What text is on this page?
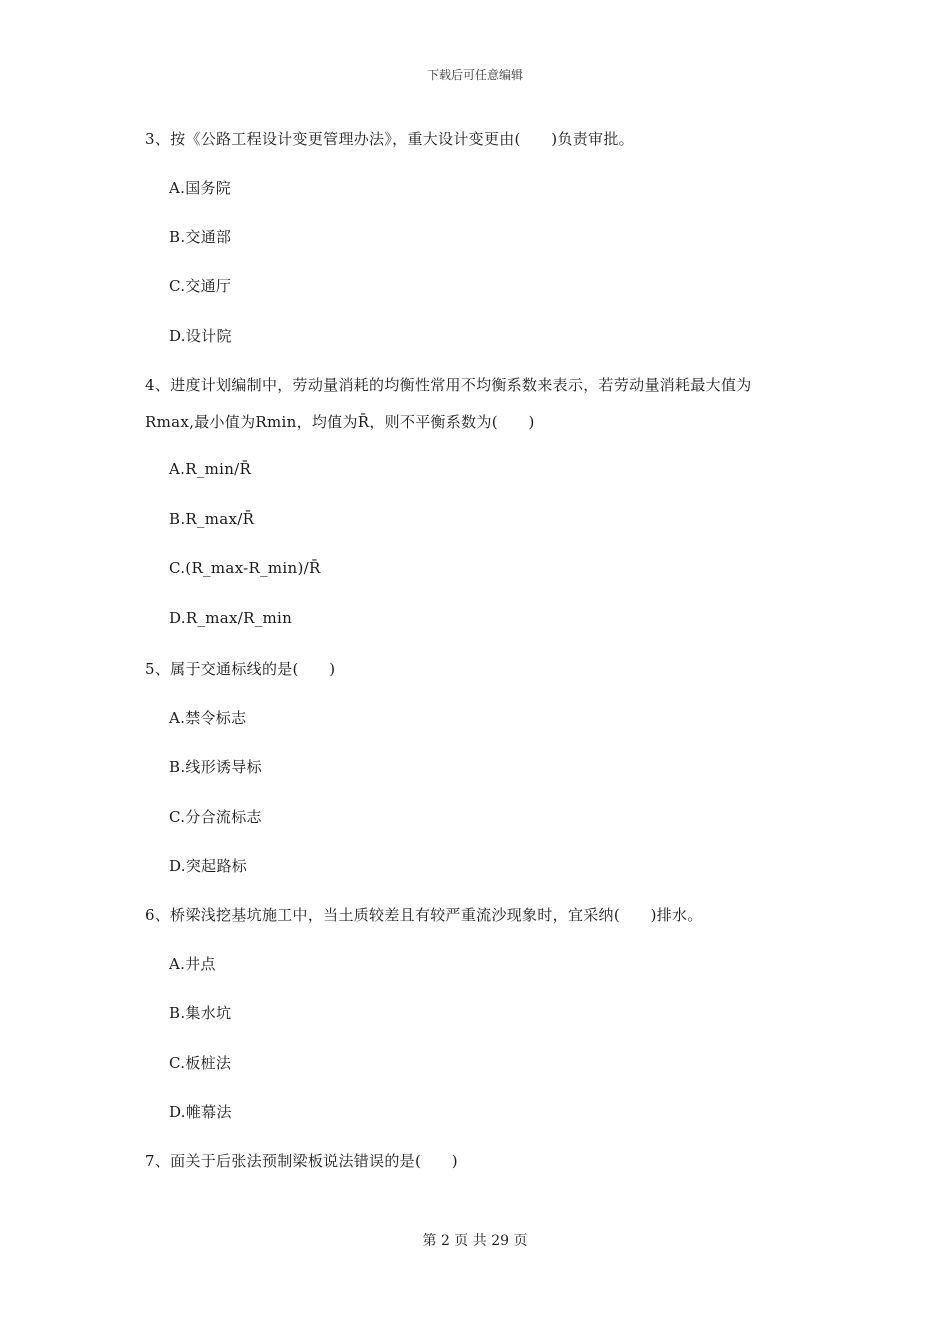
下载后可任意编辑
3、按《公路工程设计变更管理办法》，重大设计变更由(　　)负责审批。
A.国务院
B.交通部
C.交通厅
D.设计院
4、进度计划编制中，劳动量消耗的均衡性常用不均衡系数来表示，若劳动量消耗最大值为
Rmax,最小值为Rmin，均值为R̄，则不平衡系数为(　　)
A.R_min/R̄
B.R_max/R̄
C.(R_max-R_min)/R̄
D.R_max/R_min
5、属于交通标线的是(　　)
A.禁令标志
B.线形诱导标
C.分合流标志
D.突起路标
6、桥梁浅挖基坑施工中，当土质较差且有较严重流沙现象时，宜采纳(　　)排水。
A.井点
B.集水坑
C.板桩法
D.帷幕法
7、面关于后张法预制梁板说法错误的是(　　)
第 2 页 共 29 页
